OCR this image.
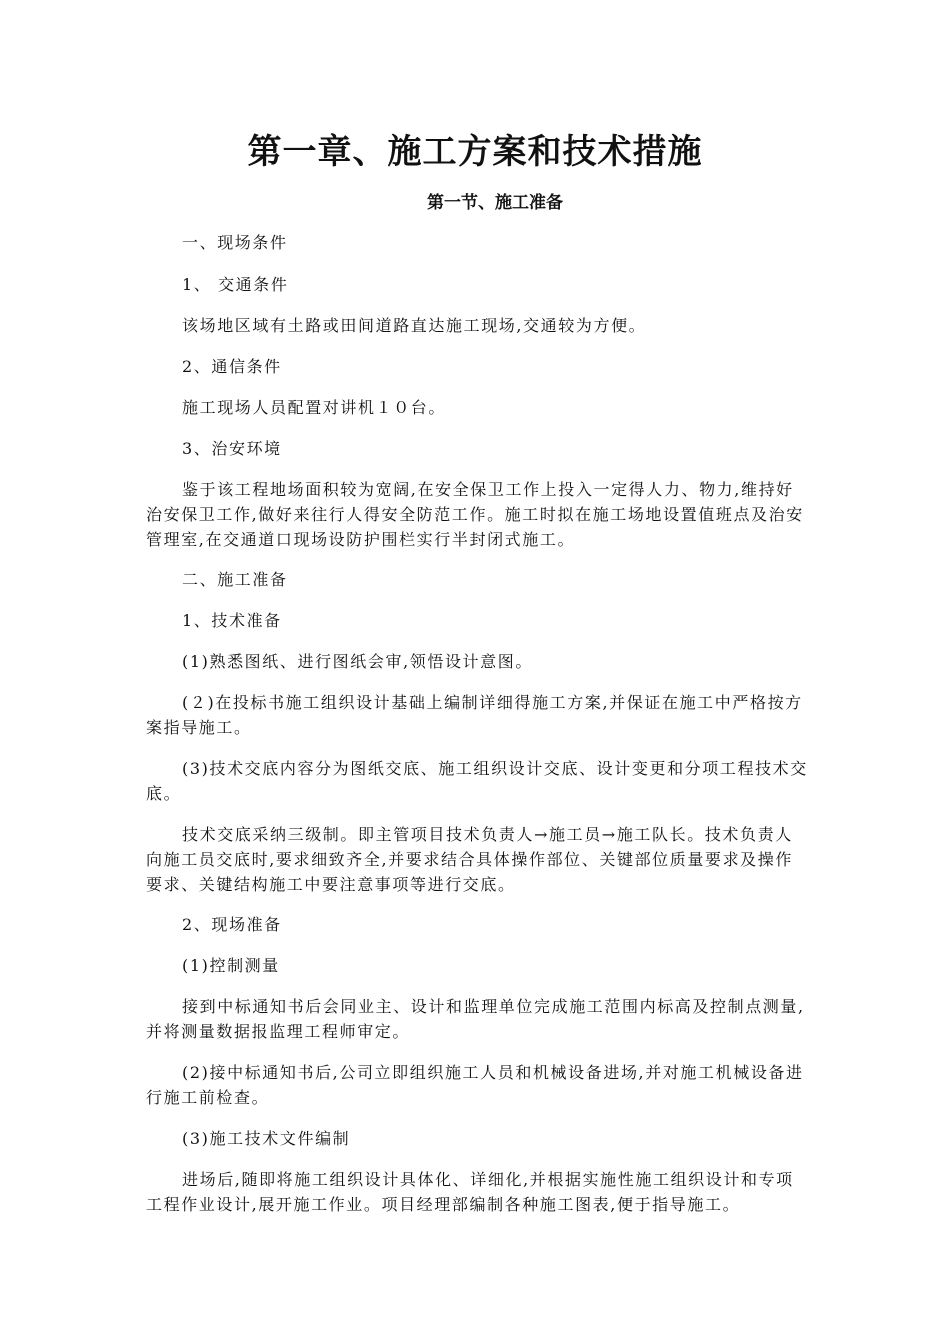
第一章、施工方案和技术措施
第一节、施工准备

一、现场条件

1、 交通条件

该场地区域有土路或田间道路直达施工现场,交通较为方便。

2、通信条件

施工现场人员配置对讲机１０台。

3、治安环境

鉴于该工程地场面积较为宽阔,在安全保卫工作上投入一定得人力、物力,维持好治安保卫工作,做好来往行人得安全防范工作。施工时拟在施工场地设置值班点及治安管理室,在交通道口现场设防护围栏实行半封闭式施工。

二、施工准备

1、技术准备

(1)熟悉图纸、进行图纸会审,领悟设计意图。

(２)在投标书施工组织设计基础上编制详细得施工方案,并保证在施工中严格按方案指导施工。

(3)技术交底内容分为图纸交底、施工组织设计交底、设计变更和分项工程技术交底。

技术交底采纳三级制。即主管项目技术负责人→施工员→施工队长。技术负责人向施工员交底时,要求细致齐全,并要求结合具体操作部位、关键部位质量要求及操作要求、关键结构施工中要注意事项等进行交底。

2、现场准备

(1)控制测量

接到中标通知书后会同业主、设计和监理单位完成施工范围内标高及控制点测量,并将测量数据报监理工程师审定。

(2)接中标通知书后,公司立即组织施工人员和机械设备进场,并对施工机械设备进行施工前检查。

(3)施工技术文件编制

进场后,随即将施工组织设计具体化、详细化,并根据实施性施工组织设计和专项工程作业设计,展开施工作业。项目经理部编制各种施工图表,便于指导施工。
